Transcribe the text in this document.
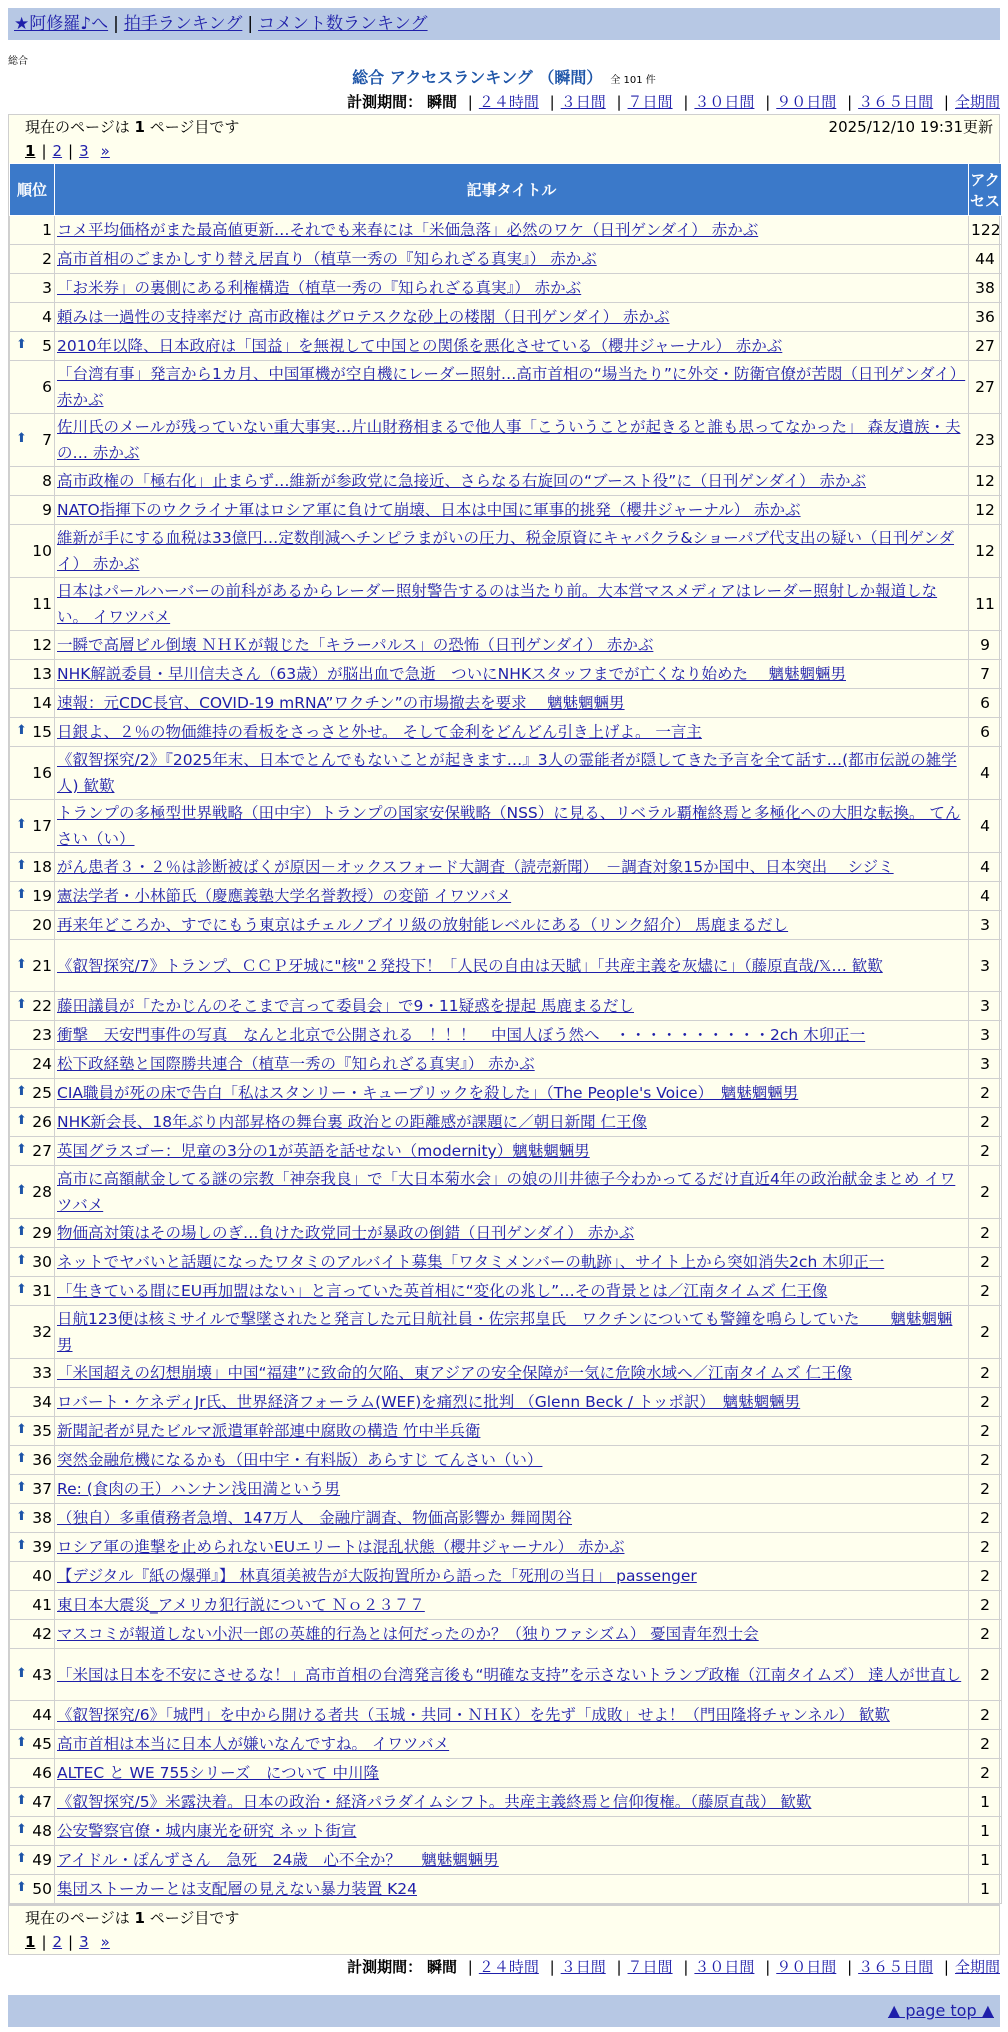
★阿修羅♪へ | 拍手ランキング | コメント数ランキング
総合
総合 アクセスランキング （瞬間） 全 101 件
計測期間： 瞬間 | ２４時間 | ３日間 | ７日間 | ３０日間 | ９０日間 | ３６５日間 | 全期間
現在のページは 1 ページ目です	2025/12/10 19:31更新
1 | 2 | 3 »
順位	記事タイトル	アクセス
1	コメ平均価格がまた最高値更新…それでも来春には「米価急落」必然のワケ（日刊ゲンダイ） 赤かぶ	122
2	高市首相のごまかしすり替え居直り（植草一秀の『知られざる真実』） 赤かぶ	44
3	「お米券」の裏側にある利権構造（植草一秀の『知られざる真実』） 赤かぶ	38
4	頼みは一過性の支持率だけ 高市政権はグロテスクな砂上の楼閣（日刊ゲンダイ） 赤かぶ	36

⬆ 5	2010年以降、日本政府は「国益」を無視して中国との関係を悪化させている（櫻井ジャーナル） 赤かぶ	27
6	「台湾有事」発言から1カ月、中国軍機が空自機にレーダー照射…高市首相の“場当たり”に外交・防衛官僚が苦悶（日刊ゲンダイ） 赤かぶ	27

⬆ 7	佐川氏のメールが残っていない重大事実…片山財務相まるで他人事「こういうことが起きると誰も思ってなかった」 森友遺族・夫の… 赤かぶ	23
8	高市政権の「極右化」止まらず…維新が参政党に急接近、さらなる右旋回の“ブースト役”に（日刊ゲンダイ） 赤かぶ	12
9	NATO指揮下のウクライナ軍はロシア軍に負けて崩壊、日本は中国に軍事的挑発（櫻井ジャーナル） 赤かぶ	12
10	維新が手にする血税は33億円…定数削減へチンピラまがいの圧力、税金原資にキャバクラ&ショーパブ代支出の疑い（日刊ゲンダイ） 赤かぶ	12
11	日本はパールハーバーの前科があるからレーダー照射警告するのは当たり前。大本営マスメディアはレーダー照射しか報道しない。 イワツバメ	11
12	一瞬で高層ビル倒壊 ＮＨＫが報じた「キラーパルス」の恐怖（日刊ゲンダイ） 赤かぶ	9
13	NHK解説委員・早川信夫さん（63歳）が脳出血で急逝　ついにNHKスタッフまでが亡くなり始めた　 魑魅魍魎男	7
14	速報：元CDC長官、COVID-19 mRNA”ワクチン”の市場撤去を要求　 魑魅魍魎男	6

⬆ 15	日銀よ、２％の物価維持の看板をさっさと外せ。 そして金利をどんどん引き上げよ。 一言主	6
16	《叡智探究/2》『2025年末、日本でとんでもないことが起きます…』3人の霊能者が隠してきた予言を全て話す…(都市伝説の雑学人) 歓歎	4

⬆ 17	トランプの多極型世界戦略（田中宇）トランプの国家安保戦略（NSS）に見る、リベラル覇権終焉と多極化への大胆な転換。 てんさい（い）	4

⬆ 18	がん患者３・２％は診断被ばくが原因－オックスフォード大調査（読売新聞）　－調査対象15か国中、日本突出　 シジミ	4

⬆ 19	憲法学者・小林節氏（慶應義塾大学名誉教授）の変節 イワツバメ	4
20	再来年どころか、すでにもう東京はチェルノブイリ級の放射能レベルにある（リンク紹介） 馬鹿まるだし	3

⬆ 21	《叡智探究/7》トランプ、ＣＣＰ牙城に"核"２発投下！「人民の自由は天賦」「共産主義を灰燼に」（藤原直哉/𝕏… 歓歎	3

⬆ 22	藤田議員が「たかじんのそこまで言って委員会」で9・11疑惑を提起 馬鹿まるだし	3
23	衝撃　天安門事件の写真　なんと北京で公開される　！！！　中国人ぼう然へ　・・・・・・・・・・2ch 木卯正一	3
24	松下政経塾と国際勝共連合（植草一秀の『知られざる真実』） 赤かぶ	3

⬆ 25	CIA職員が死の床で告白「私はスタンリー・キューブリックを殺した」（The People's Voice）　魑魅魍魎男	2

⬆ 26	NHK新会長、18年ぶり内部昇格の舞台裏 政治との距離感が課題に／朝日新聞 仁王像	2

⬆ 27	英国グラスゴー：児童の3分の1が英語を話せない（modernity）魑魅魍魎男	2

⬆ 28	高市に高額献金してる謎の宗教「神奈我良」で「大日本菊水会」の娘の川井徳子今わかってるだけ直近4年の政治献金まとめ イワツバメ	2

⬆ 29	物価高対策はその場しのぎ…負けた政党同士が暴政の倒錯（日刊ゲンダイ） 赤かぶ	2

⬆ 30	ネットでヤバいと話題になったワタミのアルバイト募集「ワタミメンバーの軌跡」、サイト上から突如消失2ch 木卯正一	2

⬆ 31	「生きている間にEU再加盟はない」と言っていた英首相に“変化の兆し”…その背景とは／江南タイムズ 仁王像	2
32	日航123便は核ミサイルで撃墜されたと発言した元日航社員・佐宗邦皇氏　ワクチンについても警鐘を鳴らしていた　　魑魅魍魎男	2
33	「米国超えの幻想崩壊」中国“福建”に致命的欠陥、東アジアの安全保障が一気に危険水域へ／江南タイムズ 仁王像	2
34	ロバート・ケネディJr氏、世界経済フォーラム(WEF)を痛烈に批判 （Glenn Beck / トッポ訳）　魑魅魍魎男	2

⬆ 35	新聞記者が見たビルマ派遣軍幹部連中腐敗の構造 竹中半兵衛	2

⬆ 36	突然金融危機になるかも（田中宇・有料版）あらすじ てんさい（い）	2

⬆ 37	Re: (食肉の王）ハンナン浅田満という男	2

⬆ 38	（独自）多重債務者急増、147万人　金融庁調査、物価高影響か 舞岡関谷	2

⬆ 39	ロシア軍の進撃を止められないEUエリートは混乱状態（櫻井ジャーナル） 赤かぶ	2
40	【デジタル『紙の爆弾』】 林真須美被告が大阪拘置所から語った「死刑の当日」 passenger	2
41	東日本大震災_アメリカ犯行説について Ｎｏ２３７７	2
42	マスコミが報道しない小沢一郎の英雄的行為とは何だったのか？（独りファシズム） 憂国青年烈士会	2

⬆ 43	「米国は日本を不安にさせるな！」高市首相の台湾発言後も“明確な支持”を示さないトランプ政権（江南タイムズ） 達人が世直し	2
44	《叡智探究/6》「城門」を中から開ける者共（玉城・共同・ＮＨＫ）を先ず「成敗」せよ！（門田隆将チャンネル） 歓歎	2

⬆ 45	高市首相は本当に日本人が嫌いなんですね。 イワツバメ	2
46	ALTEC と WE 755シリーズ　について 中川隆	2

⬆ 47	《叡智探究/5》米露決着。日本の政治・経済パラダイムシフト。共産主義終焉と信仰復権。（藤原直哉） 歓歎	1

⬆ 48	公安警察官僚・城内康光を研究 ネット街宣	1

⬆ 49	アイドル・ぽんずさん　急死　24歳　心不全か？　 魑魅魍魎男	1

⬆ 50	集団ストーカーとは支配層の見えない暴力装置 K24	1
現在のページは 1 ページ目です
1 | 2 | 3 »
計測期間： 瞬間 | ２４時間 | ３日間 | ７日間 | ３０日間 | ９０日間 | ３６５日間 | 全期間
▲ page top ▲
